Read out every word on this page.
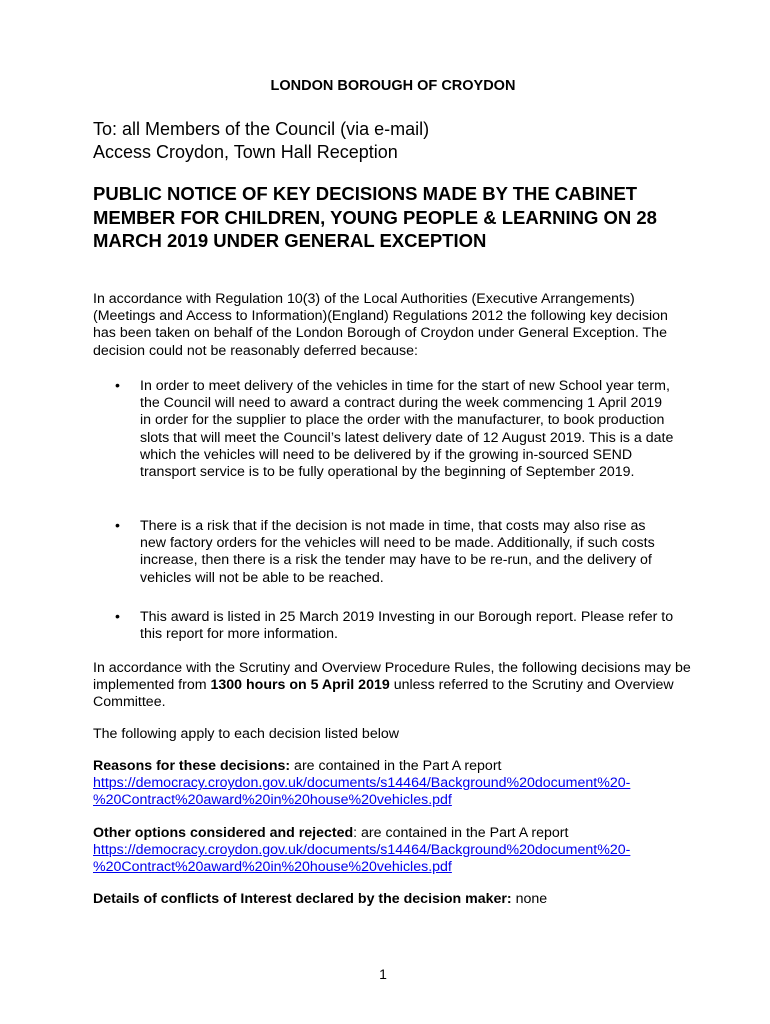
LONDON BOROUGH OF CROYDON
To: all Members of the Council (via e-mail)
Access Croydon, Town Hall Reception
PUBLIC NOTICE OF KEY DECISIONS MADE BY THE CABINET MEMBER FOR CHILDREN, YOUNG PEOPLE & LEARNING ON 28 MARCH 2019 UNDER GENERAL EXCEPTION
In accordance with Regulation 10(3) of the Local Authorities (Executive Arrangements)(Meetings and Access to Information)(England) Regulations 2012 the following key decision has been taken on behalf of the London Borough of Croydon under General Exception. The decision could not be reasonably deferred because:
• In order to meet delivery of the vehicles in time for the start of new School year term, the Council will need to award a contract during the week commencing 1 April 2019 in order for the supplier to place the order with the manufacturer, to book production slots that will meet the Council’s latest delivery date of 12 August 2019. This is a date which the vehicles will need to be delivered by if the growing in-sourced SEND transport service is to be fully operational by the beginning of September 2019.
• There is a risk that if the decision is not made in time, that costs may also rise as new factory orders for the vehicles will need to be made. Additionally, if such costs increase, then there is a risk the tender may have to be re-run, and the delivery of vehicles will not be able to be reached.
• This award is listed in 25 March 2019 Investing in our Borough report. Please refer to this report for more information.
In accordance with the Scrutiny and Overview Procedure Rules, the following decisions may be implemented from 1300 hours on 5 April 2019 unless referred to the Scrutiny and Overview Committee.
The following apply to each decision listed below
Reasons for these decisions: are contained in the Part A report
https://democracy.croydon.gov.uk/documents/s14464/Background%20document%20-
%20Contract%20award%20in%20house%20vehicles.pdf
Other options considered and rejected: are contained in the Part A report
https://democracy.croydon.gov.uk/documents/s14464/Background%20document%20-
%20Contract%20award%20in%20house%20vehicles.pdf
Details of conflicts of Interest declared by the decision maker: none
1
